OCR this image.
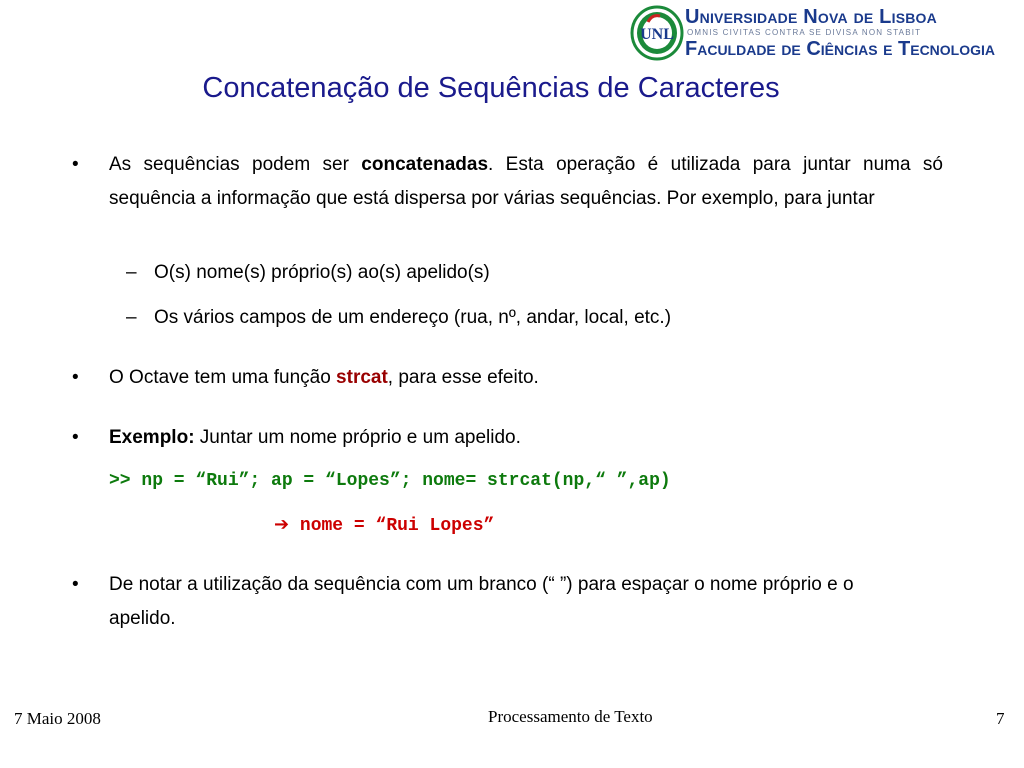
UNL
Universidade Nova de Lisboa
OMNIS CIVITAS CONTRA SE DIVISA NON STABIT
Faculdade de Ciências e Tecnologia
Concatenação de Sequências de Caracteres
• As sequências podem ser concatenadas. Esta operação é utilizada para juntar numa só sequência a informação que está dispersa por várias sequências. Por exemplo, para juntar
– O(s) nome(s) próprio(s) ao(s) apelido(s)
– Os vários campos de um endereço (rua, nº, andar, local, etc.)
• O Octave tem uma função strcat, para esse efeito.
• Exemplo: Juntar um nome próprio e um apelido.
>> np = “Rui”; ap = “Lopes”; nome= strcat(np,“ ”,ap)
➔ nome = “Rui Lopes”
• De notar a utilização da sequência com um branco (“ ”) para espaçar o nome próprio e o apelido.
7 Maio 2008	Processamento de Texto	7
